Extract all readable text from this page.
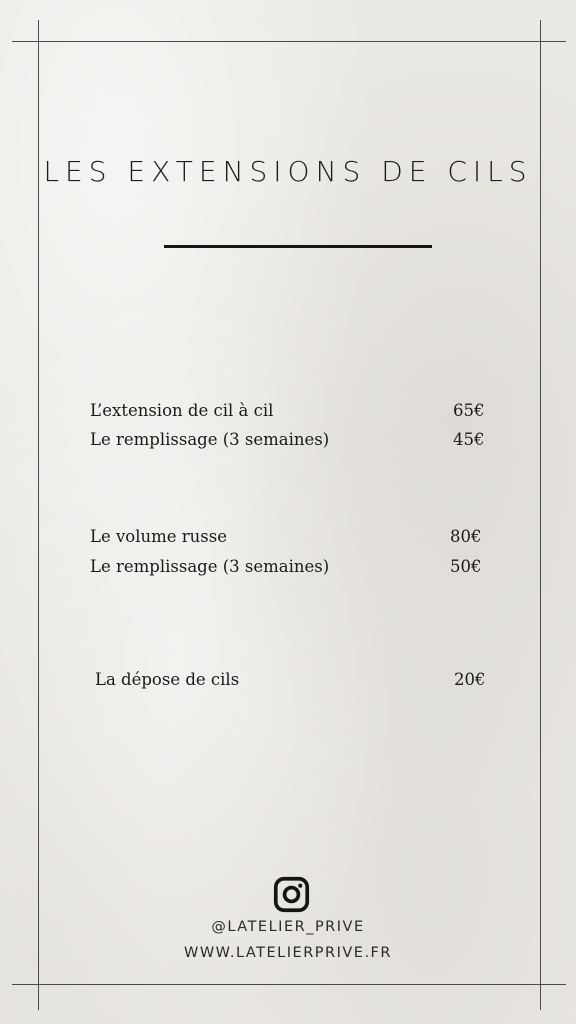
LES EXTENSIONS DE CILS
L’extension de cil à cil	65€
Le remplissage (3 semaines)	45€
Le volume russe	80€
Le remplissage (3 semaines)	50€
La dépose de cils	20€
@LATELIER_PRIVE
WWW.LATELIERPRIVE.FR
